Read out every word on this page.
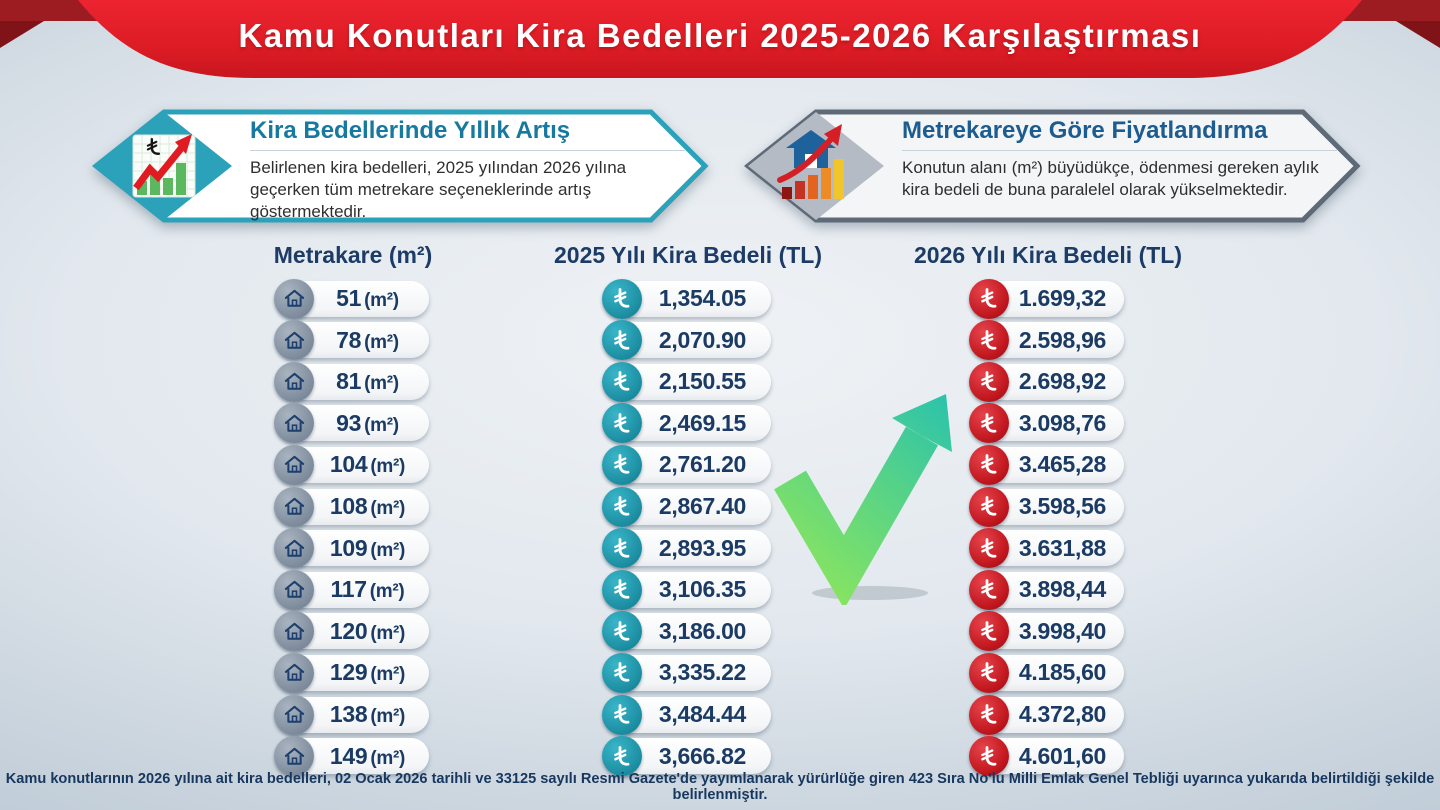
Kamu Konutları Kira Bedelleri 2025-2026 Karşılaştırması
Kira Bedellerinde Yıllık Artış
Belirlenen kira bedelleri, 2025 yılından 2026 yılına geçerken tüm metrekare seçeneklerinde artış göstermektedir.
Metrekareye Göre Fiyatlandırma
Konutun alanı (m²) büyüdükçe, ödenmesi gereken aylık kira bedeli de buna paralelel olarak yükselmektedir.
Metrakare (m²)
51 (m²)
78 (m²)
81 (m²)
93 (m²)
104 (m²)
108 (m²)
109 (m²)
117 (m²)
120 (m²)
129 (m²)
138 (m²)
149 (m²)
2025 Yılı Kira Bedeli (TL)
1,354.05
2,070.90
2,150.55
2,469.15
2,761.20
2,867.40
2,893.95
3,106.35
3,186.00
3,335.22
3,484.44
3,666.82
2026 Yılı Kira Bedeli (TL)
1.699,32
2.598,96
2.698,92
3.098,76
3.465,28
3.598,56
3.631,88
3.898,44
3.998,40
4.185,60
4.372,80
4.601,60
Kamu konutlarının 2026 yılına ait kira bedelleri, 02 Ocak 2026 tarihli ve 33125 sayılı Resmi Gazete'de yayımlanarak yürürlüğe giren 423 Sıra No'lu Milli Emlak Genel Tebliği uyarınca yukarıda belirtildiği şekilde belirlenmiştir.
